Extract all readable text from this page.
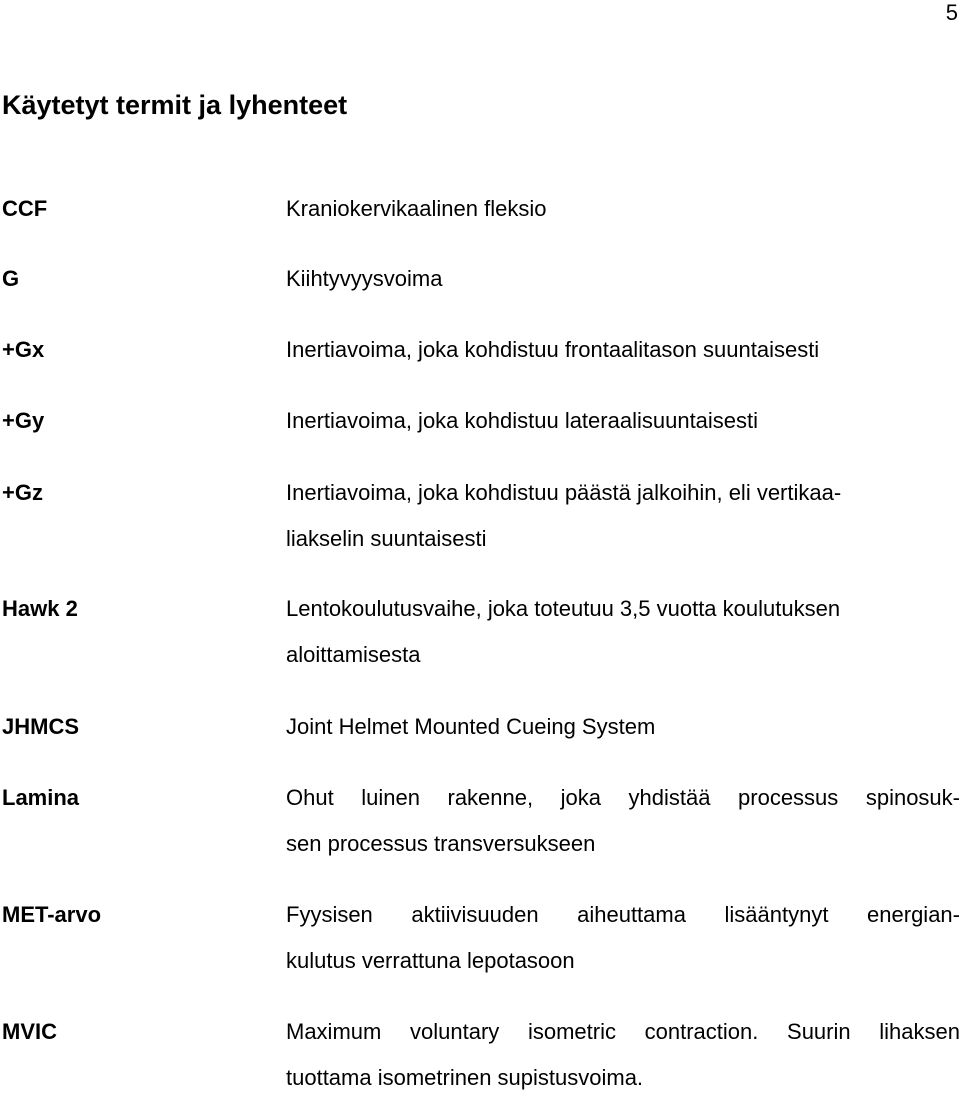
5
Käytetyt termit ja lyhenteet
CCF	Kraniokervikaalinen fleksio
G	Kiihtyvyysvoima
+Gx	Inertiavoima, joka kohdistuu frontaalitason suuntaisesti
+Gy	Inertiavoima, joka kohdistuu lateraalisuuntaisesti
+Gz	Inertiavoima, joka kohdistuu päästä jalkoihin, eli vertikaa-
liakselin suuntaisesti
Hawk 2	Lentokoulutusvaihe, joka toteutuu 3,5 vuotta koulutuksen
aloittamisesta
JHMCS	Joint Helmet Mounted Cueing System
Lamina	Ohut luinen rakenne, joka yhdistää processus spinosuk-
sen processus transversukseen
MET-arvo	Fyysisen aktiivisuuden aiheuttama lisääntynyt energian-
kulutus verrattuna lepotasoon
MVIC	Maximum voluntary isometric contraction. Suurin lihaksen
tuottama isometrinen supistusvoima.
